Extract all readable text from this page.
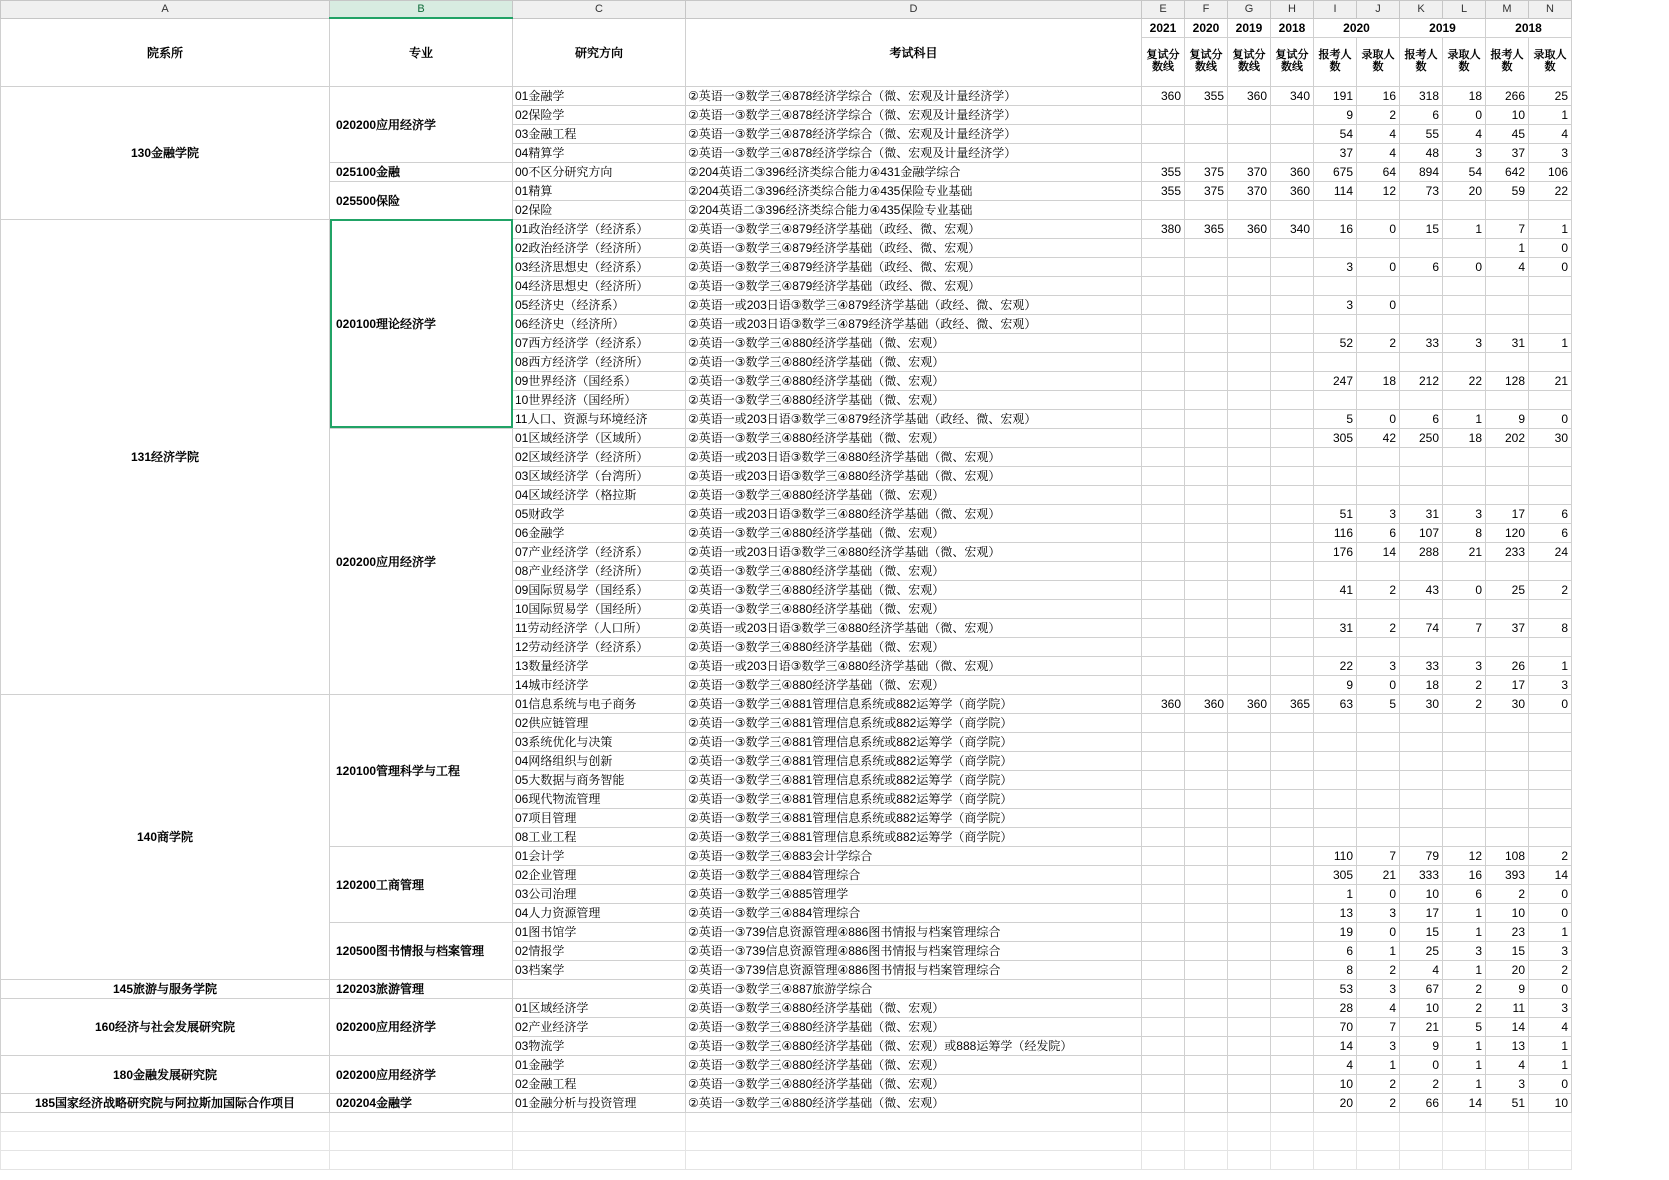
A	B	C	D	E	F	G	H	I	J	K	L	M	N
院系所	专业	研究方向	考试科目	2021	2020	2019	2018	2020		2019		2018	
				复试分数线	复试分数线	复试分数线	复试分数线	报考人数	录取人数	报考人数	录取人数	报考人数	录取人数
130金融学院	020200应用经济学	01金融学	②英语一③数学三④878经济学综合（微、宏观及计量经济学）	360	355	360	340	191	16	318	18	266	25
		02保险学	②英语一③数学三④878经济学综合（微、宏观及计量经济学）					9	2	6	0	10	1
		03金融工程	②英语一③数学三④878经济学综合（微、宏观及计量经济学）					54	4	55	4	45	4
		04精算学	②英语一③数学三④878经济学综合（微、宏观及计量经济学）					37	4	48	3	37	3
	025100金融	00不区分研究方向	②204英语二③396经济类综合能力④431金融学综合	355	375	370	360	675	64	894	54	642	106
	025500保险	01精算	②204英语二③396经济类综合能力④435保险专业基础	355	375	370	360	114	12	73	20	59	22
		02保险	②204英语二③396经济类综合能力④435保险专业基础										
131经济学院	020100理论经济学	01政治经济学（经济系）	②英语一③数学三④879经济学基础（政经、微、宏观）	380	365	360	340	16	0	15	1	7	1
		02政治经济学（经济所）	②英语一③数学三④879经济学基础（政经、微、宏观）									1	0
		03经济思想史（经济系）	②英语一③数学三④879经济学基础（政经、微、宏观）					3	0	6	0	4	0
		04经济思想史（经济所）	②英语一③数学三④879经济学基础（政经、微、宏观）										
		05经济史（经济系）	②英语一或203日语③数学三④879经济学基础（政经、微、宏观）					3	0				
		06经济史（经济所）	②英语一或203日语③数学三④879经济学基础（政经、微、宏观）										
		07西方经济学（经济系）	②英语一③数学三④880经济学基础（微、宏观）					52	2	33	3	31	1
		08西方经济学（经济所）	②英语一③数学三④880经济学基础（微、宏观）										
		09世界经济（国经系）	②英语一③数学三④880经济学基础（微、宏观）					247	18	212	22	128	21
		10世界经济（国经所）	②英语一③数学三④880经济学基础（微、宏观）										
		11人口、资源与环境经济	②英语一或203日语③数学三④879经济学基础（政经、微、宏观）					5	0	6	1	9	0
	020200应用经济学	01区域经济学（区域所）	②英语一③数学三④880经济学基础（微、宏观）					305	42	250	18	202	30
		02区域经济学（经济所）	②英语一或203日语③数学三④880经济学基础（微、宏观）										
		03区域经济学（台湾所）	②英语一或203日语③数学三④880经济学基础（微、宏观）										
		04区域经济学（格拉斯	②英语一③数学三④880经济学基础（微、宏观）										
		05财政学	②英语一或203日语③数学三④880经济学基础（微、宏观）					51	3	31	3	17	6
		06金融学	②英语一③数学三④880经济学基础（微、宏观）					116	6	107	8	120	6
		07产业经济学（经济系）	②英语一或203日语③数学三④880经济学基础（微、宏观）					176	14	288	21	233	24
		08产业经济学（经济所）	②英语一③数学三④880经济学基础（微、宏观）										
		09国际贸易学（国经系）	②英语一③数学三④880经济学基础（微、宏观）					41	2	43	0	25	2
		10国际贸易学（国经所）	②英语一③数学三④880经济学基础（微、宏观）										
		11劳动经济学（人口所）	②英语一或203日语③数学三④880经济学基础（微、宏观）					31	2	74	7	37	8
		12劳动经济学（经济系）	②英语一③数学三④880经济学基础（微、宏观）										
		13数量经济学	②英语一或203日语③数学三④880经济学基础（微、宏观）					22	3	33	3	26	1
		14城市经济学	②英语一③数学三④880经济学基础（微、宏观）					9	0	18	2	17	3
140商学院	120100管理科学与工程	01信息系统与电子商务	②英语一③数学三④881管理信息系统或882运筹学（商学院）	360	360	360	365	63	5	30	2	30	0
		02供应链管理	②英语一③数学三④881管理信息系统或882运筹学（商学院）										
		03系统优化与决策	②英语一③数学三④881管理信息系统或882运筹学（商学院）										
		04网络组织与创新	②英语一③数学三④881管理信息系统或882运筹学（商学院）										
		05大数据与商务智能	②英语一③数学三④881管理信息系统或882运筹学（商学院）										
		06现代物流管理	②英语一③数学三④881管理信息系统或882运筹学（商学院）										
		07项目管理	②英语一③数学三④881管理信息系统或882运筹学（商学院）										
		08工业工程	②英语一③数学三④881管理信息系统或882运筹学（商学院）										
	120200工商管理	01会计学	②英语一③数学三④883会计学综合					110	7	79	12	108	2
		02企业管理	②英语一③数学三④884管理综合					305	21	333	16	393	14
		03公司治理	②英语一③数学三④885管理学					1	0	10	6	2	0
		04人力资源管理	②英语一③数学三④884管理综合					13	3	17	1	10	0
	120500图书情报与档案管理	01图书馆学	②英语一③739信息资源管理④886图书情报与档案管理综合					19	0	15	1	23	1
		02情报学	②英语一③739信息资源管理④886图书情报与档案管理综合					6	1	25	3	15	3
		03档案学	②英语一③739信息资源管理④886图书情报与档案管理综合					8	2	4	1	20	2
145旅游与服务学院	120203旅游管理		②英语一③数学三④887旅游学综合					53	3	67	2	9	0
160经济与社会发展研究院	020200应用经济学	01区域经济学	②英语一③数学三④880经济学基础（微、宏观）					28	4	10	2	11	3
		02产业经济学	②英语一③数学三④880经济学基础（微、宏观）					70	7	21	5	14	4
		03物流学	②英语一③数学三④880经济学基础（微、宏观）或888运筹学（经发院）					14	3	9	1	13	1
180金融发展研究院	020200应用经济学	01金融学	②英语一③数学三④880经济学基础（微、宏观）					4	1	0	1	4	1
		02金融工程	②英语一③数学三④880经济学基础（微、宏观）					10	2	2	1	3	0
185国家经济战略研究院与阿拉斯加国际合作项目	020204金融学	01金融分析与投资管理	②英语一③数学三④880经济学基础（微、宏观）					20	2	66	14	51	10
